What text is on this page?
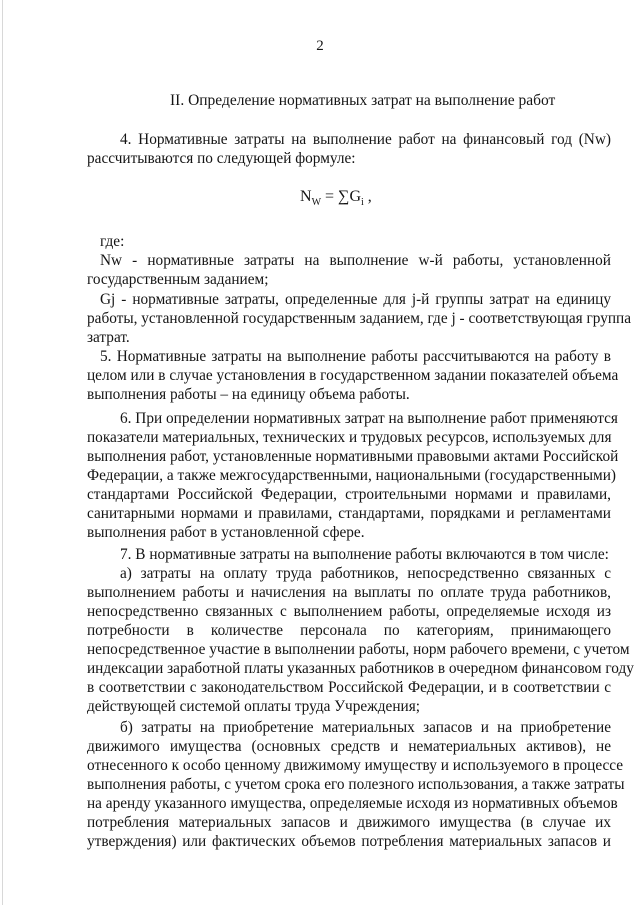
2
II. Определение нормативных затрат на выполнение работ
4. Нормативные затраты на выполнение работ на финансовый год (Nw)
рассчитываются по следующей формуле:
$N_W = \sum G_i$ ,
где:
Nw - нормативные затраты на выполнение w-й работы, установленной
государственным заданием;
Gj - нормативные затраты, определенные для j-й группы затрат на единицу
работы, установленной государственным заданием, где j - соответствующая группа
затрат.
5. Нормативные затраты на выполнение работы рассчитываются на работу в
целом или в случае установления в государственном задании показателей объема
выполнения работы – на единицу объема работы.
6. При определении нормативных затрат на выполнение работ применяются
показатели материальных, технических и трудовых ресурсов, используемых для
выполнения работ, установленные нормативными правовыми актами Российской
Федерации, а также межгосударственными, национальными (государственными)
стандартами Российской Федерации, строительными нормами и правилами,
санитарными нормами и правилами, стандартами, порядками и регламентами
выполнения работ в установленной сфере.
7. В нормативные затраты на выполнение работы включаются в том числе:
а) затраты на оплату труда работников, непосредственно связанных с
выполнением работы и начисления на выплаты по оплате труда работников,
непосредственно связанных с выполнением работы, определяемые исходя из
потребности в количестве персонала по категориям, принимающего
непосредственное участие в выполнении работы, норм рабочего времени, с учетом
индексации заработной платы указанных работников в очередном финансовом году
в соответствии с законодательством Российской Федерации, и в соответствии с
действующей системой оплаты труда Учреждения;
б) затраты на приобретение материальных запасов и на приобретение
движимого имущества (основных средств и нематериальных активов), не
отнесенного к особо ценному движимому имуществу и используемого в процессе
выполнения работы, с учетом срока его полезного использования, а также затраты
на аренду указанного имущества, определяемые исходя из нормативных объемов
потребления материальных запасов и движимого имущества (в случае их
утверждения) или фактических объемов потребления материальных запасов и
